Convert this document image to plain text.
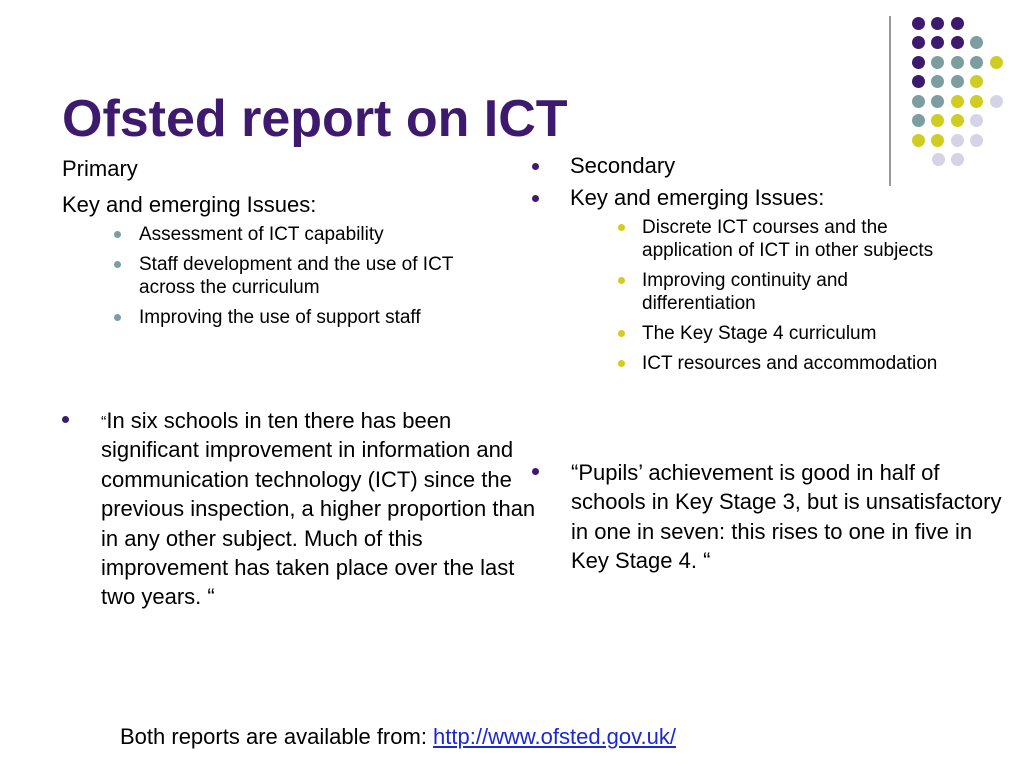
Ofsted report on ICT

Primary

Key and emerging Issues:

Assessment of ICT capability
Staff development and the use of ICT across the curriculum
Improving the use of support staff
“In six schools in ten there has been significant improvement in information and communication technology (ICT) since the previous inspection, a higher proportion than in any other subject. Much of this improvement has taken place over the last two years. “
Secondary
Key and emerging Issues:
Discrete ICT courses and the application of ICT in other subjects
Improving continuity and differentiation
The Key Stage 4 curriculum
ICT resources and accommodation
“Pupils’ achievement is good in half of schools in Key Stage 3, but is unsatisfactory in one in seven: this rises to one in five in Key Stage 4. “
Both reports are available from: http://www.ofsted.gov.uk/
